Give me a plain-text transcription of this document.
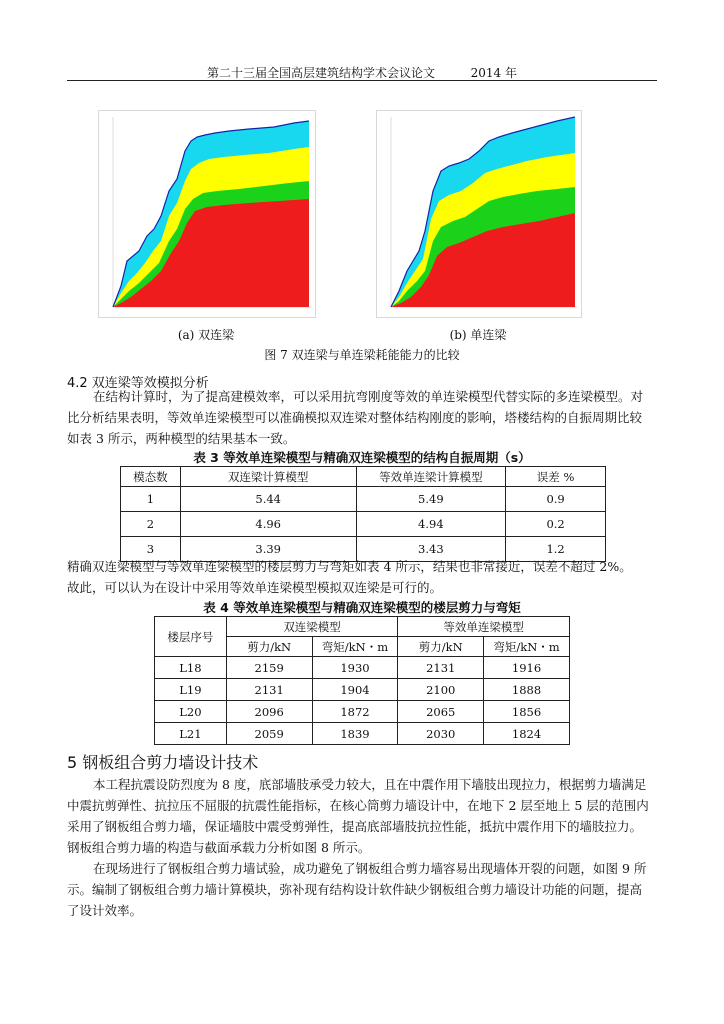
第二十三届全国高层建筑结构学术会议论文	2014 年
·
·
·
·
·
·
(a) 双连梁	(b) 单连梁
图 7 双连梁与单连梁耗能能力的比较
4.2 双连梁等效模拟分析
在结构计算时，为了提高建模效率，可以采用抗弯刚度等效的单连梁模型代替实际的多连梁模型。对
比分析结果表明，等效单连梁模型可以准确模拟双连梁对整体结构刚度的影响，塔楼结构的自振周期比较
如表 3 所示，两种模型的结果基本一致。
表 3 等效单连梁模型与精确双连梁模型的结构自振周期（s）
模态数	双连梁计算模型	等效单连梁计算模型	误差 %
1	5.44	5.49	0.9
2	4.96	4.94	0.2
3	3.39	3.43	1.2
精确双连梁模型与等效单连梁模型的楼层剪力与弯矩如表 4 所示，结果也非常接近，误差不超过 2%。
故此，可以认为在设计中采用等效单连梁模型模拟双连梁是可行的。
表 4 等效单连梁模型与精确双连梁模型的楼层剪力与弯矩
楼层序号	双连梁模型		等效单连梁模型	
	剪力/kN	弯矩/kN・m	剪力/kN	弯矩/kN・m
L18	2159	1930	2131	1916
L19	2131	1904	2100	1888
L20	2096	1872	2065	1856
L21	2059	1839	2030	1824
5 钢板组合剪力墙设计技术
本工程抗震设防烈度为 8 度，底部墙肢承受力较大，且在中震作用下墙肢出现拉力，根据剪力墙满足
中震抗剪弹性、抗拉压不屈服的抗震性能指标，在核心筒剪力墙设计中，在地下 2 层至地上 5 层的范围内
采用了钢板组合剪力墙，保证墙肢中震受剪弹性，提高底部墙肢抗拉性能，抵抗中震作用下的墙肢拉力。
钢板组合剪力墙的构造与截面承载力分析如图 8 所示。
在现场进行了钢板组合剪力墙试验，成功避免了钢板组合剪力墙容易出现墙体开裂的问题，如图 9 所
示。编制了钢板组合剪力墙计算模块，弥补现有结构设计软件缺少钢板组合剪力墙设计功能的问题，提高
了设计效率。
